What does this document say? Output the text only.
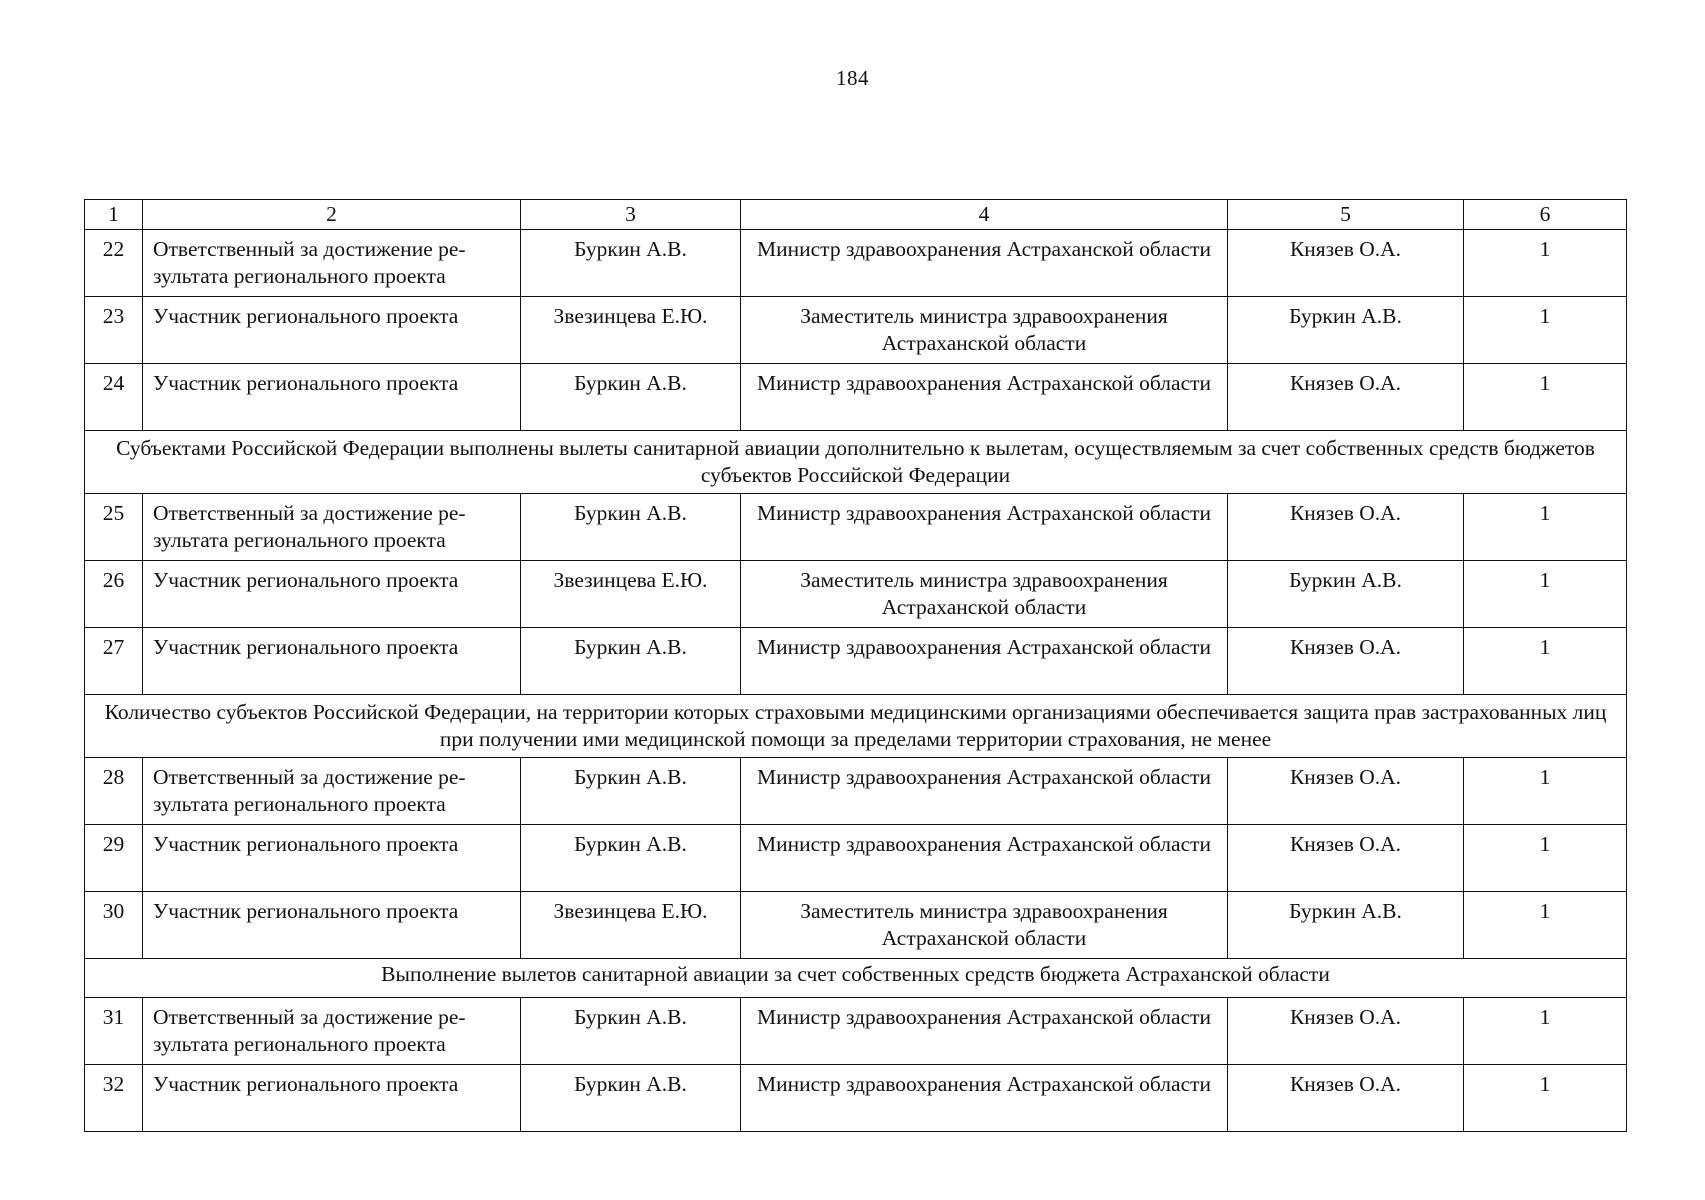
184
1	2	3	4	5	6
22	Ответственный за достижение ре-зультата регионального проекта	Буркин А.В.	Министр здравоохранения Астраханской области	Князев О.А.	1
23	Участник регионального проекта	Звезинцева Е.Ю.	Заместитель министра здравоохранения Астраханской области	Буркин А.В.	1
24	Участник регионального проекта	Буркин А.В.	Министр здравоохранения Астраханской области	Князев О.А.	1
Субъектами Российской Федерации выполнены вылеты санитарной авиации дополнительно к вылетам, осуществляемым за счет собственных средств бюджетов субъектов Российской Федерации					
25	Ответственный за достижение ре-зультата регионального проекта	Буркин А.В.	Министр здравоохранения Астраханской области	Князев О.А.	1
26	Участник регионального проекта	Звезинцева Е.Ю.	Заместитель министра здравоохранения Астраханской области	Буркин А.В.	1
27	Участник регионального проекта	Буркин А.В.	Министр здравоохранения Астраханской области	Князев О.А.	1
Количество субъектов Российской Федерации, на территории которых страховыми медицинскими организациями обеспечивается защита прав застрахованных лиц при получении ими медицинской помощи за пределами территории страхования, не менее					
28	Ответственный за достижение ре-зультата регионального проекта	Буркин А.В.	Министр здравоохранения Астраханской области	Князев О.А.	1
29	Участник регионального проекта	Буркин А.В.	Министр здравоохранения Астраханской области	Князев О.А.	1
30	Участник регионального проекта	Звезинцева Е.Ю.	Заместитель министра здравоохранения Астраханской области	Буркин А.В.	1
Выполнение вылетов санитарной авиации за счет собственных средств бюджета Астраханской области					
31	Ответственный за достижение ре-зультата регионального проекта	Буркин А.В.	Министр здравоохранения Астраханской области	Князев О.А.	1
32	Участник регионального проекта	Буркин А.В.	Министр здравоохранения Астраханской области	Князев О.А.	1
